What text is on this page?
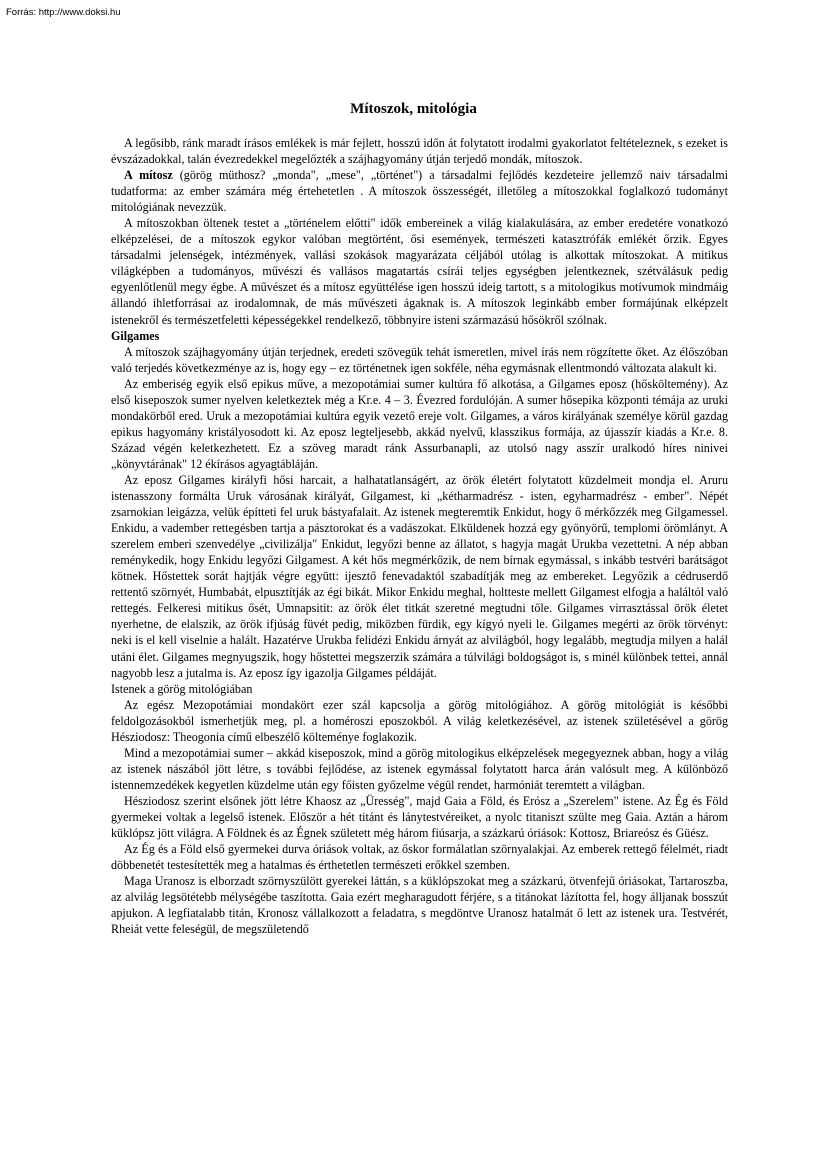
Forrás: http://www.doksi.hu
Mítoszok, mitológia

A legősibb, ránk maradt írásos emlékek is már fejlett, hosszú időn át folytatott irodalmi gyakorlatot feltételeznek, s ezeket is évszázadokkal, talán évezredekkel megelőzték a szájhagyomány útján terjedő mondák, mítoszok.

A mítosz (görög müthosz? „monda", „mese", „történet") a társadalmi fejlődés kezdeteire jellemző naiv társadalmi tudatforma: az ember számára még értehetetlen . A mítoszok összességét, illetőleg a mítoszokkal foglalkozó tudományt mitológiának nevezzük.

A mítoszokban öltenek testet a „történelem előtti" idők embereinek a világ kialakulására, az ember eredetére vonatkozó elképzelései, de a mítoszok egykor valóban megtörtént, ősi események, természeti katasztrófák emlékét őrzik. Egyes társadalmi jelenségek, intézmények, vallási szokások magyarázata céljából utólag is alkottak mítoszokat. A mitikus világképben a tudományos, művészi és vallásos magatartás csírái teljes egységben jelentkeznek, szétválásuk pedig egyenlőtlenül megy égbe. A művészet és a mítosz együttélése igen hosszú ideig tartott, s a mitologikus motívumok mindmáig állandó ihletforrásai az irodalomnak, de más művészeti ágaknak is. A mítoszok leginkább ember formájúnak elképzelt istenekről és természetfeletti képességekkel rendelkező, többnyire isteni származású hősökről szólnak.

Gilgames

A mítoszok szájhagyomány útján terjednek, eredeti szövegük tehát ismeretlen, mivel írás nem rögzítette őket. Az élőszóban való terjedés következménye az is, hogy egy – ez történetnek igen sokféle, néha egymásnak ellentmondó változata alakult ki.

Az emberiség egyik első epikus műve, a mezopotámiai sumer kultúra fő alkotása, a Gilgames eposz (hősköltemény). Az első kiseposzok sumer nyelven keletkeztek még a Kr.e. 4 – 3. Évezred fordulóján. A sumer hősepika központi témája az uruki mondakörből ered. Uruk a mezopotámiai kultúra egyik vezető ereje volt. Gilgames, a város királyának személye körül gazdag epikus hagyomány kristályosodott ki. Az eposz legteljesebb, akkád nyelvű, klasszikus formája, az újasszír kiadás a Kr.e. 8. Század végén keletkezhetett. Ez a szöveg maradt ránk Assurbanapli, az utolsó nagy asszír uralkodó híres ninivei „könyvtárának" 12 ékírásos agyagtábláján.

Az eposz Gilgames királyfi hősi harcait, a halhatatlanságért, az örök életért folytatott küzdelmeit mondja el. Aruru istenasszony formálta Uruk városának királyát, Gilgamest, ki „kétharmadrész - isten, egyharmadrész - ember". Népét zsarnokian leigázza, velük építteti fel uruk bástyafalait. Az istenek megteremtik Enkidut, hogy ő mérkőzzék meg Gilgamessel. Enkidu, a vadember rettegésben tartja a pásztorokat és a vadászokat. Elküldenek hozzá egy gyönyörű, templomi örömlányt. A szerelem emberi szenvedélye „civilizálja" Enkidut, legyőzi benne az állatot, s hagyja magát Urukba vezettetni. A nép abban reménykedik, hogy Enkidu legyőzi Gilgamest. A két hős megmérkőzik, de nem bírnak egymással, s inkább testvéri barátságot kötnek. Hőstettek sorát hajtják végre együtt: ijesztő fenevadaktól szabadítják meg az embereket. Legyőzik a cédruserdő rettentő szörnyét, Humbabát, elpusztítják az égi bikát. Mikor Enkidu meghal, holtteste mellett Gilgamest elfogja a haláltól való rettegés. Felkeresi mitikus ősét, Umnapsitit: az örök élet titkát szeretné megtudni tőle. Gilgames virrasztással örök életet nyerhetne, de elalszik, az örök ifjúság füvét pedig, miközben fürdik, egy kígyó nyeli le. Gilgames megérti az örök törvényt: neki is el kell viselnie a halált. Hazatérve Urukba felidézi Enkidu árnyát az alvilágból, hogy legalább, megtudja milyen a halál utáni élet. Gilgames megnyugszik, hogy hőstettei megszerzik számára a túlvilági boldogságot is, s minél különbek tettei, annál nagyobb lesz a jutalma is. Az eposz így igazolja Gilgames példáját.

Istenek a görög mitológiában

Az egész Mezopotámiai mondakört ezer szál kapcsolja a görög mitológiához. A görög mitológiát is későbbi feldolgozásokból ismerhetjük meg, pl. a homéroszi eposzokból. A világ keletkezésével, az istenek születésével a görög Hésziodosz: Theogonia című elbeszélő költeménye foglakozik.

Mind a mezopotámiai sumer – akkád kiseposzok, mind a görög mitologikus elképzelések megegyeznek abban, hogy a világ az istenek nászából jött létre, s további fejlődése, az istenek egymással folytatott harca árán valósult meg. A különböző istennemzedékek kegyetlen küzdelme után egy főisten győzelme végül rendet, harmóniát teremtett a világban.

Hésziodosz szerint elsőnek jött létre Khaosz az „Üresség", majd Gaia a Föld, és Erósz a „Szerelem" istene. Az Ég és Föld gyermekei voltak a legelső istenek. Először a hét titánt és lánytestvéreiket, a nyolc titaniszt szülte meg Gaia. Aztán a három küklópsz jött világra. A Földnek és az Égnek született még három fiúsarja, a százkarú óriások: Kottosz, Briareósz és Güész.

Az Ég és a Föld első gyermekei durva óriások voltak, az őskor formálatlan szörnyalakjai. Az emberek rettegő félelmét, riadt döbbenetét testesítették meg a hatalmas és érthetetlen természeti erőkkel szemben.

Maga Uranosz is elborzadt szörnyszülött gyerekei láttán, s a küklópszokat meg a százkarú, ötvenfejű óriásokat, Tartaroszba, az alvilág legsötétebb mélységébe taszította. Gaia ezért megharagudott férjére, s a titánokat lázította fel, hogy álljanak bosszút apjukon. A legfiatalabb titán, Kronosz vállalkozott a feladatra, s megdöntve Uranosz hatalmát ő lett az istenek ura. Testvérét, Rheiát vette feleségül, de megszületendő
